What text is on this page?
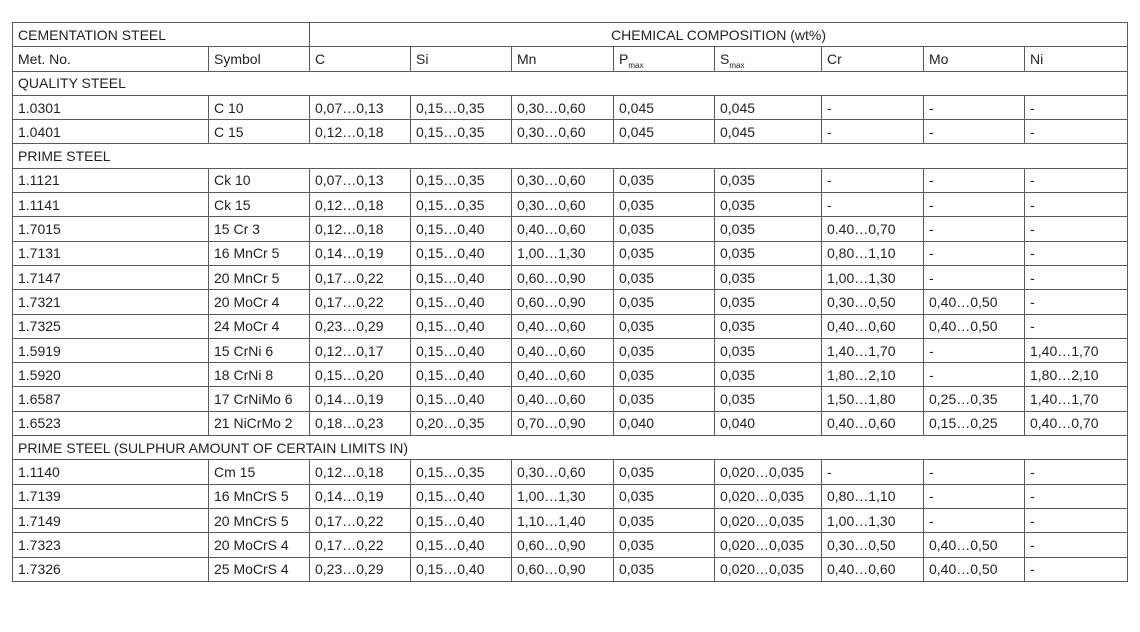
CEMENTATION STEEL		CHEMICAL COMPOSITION (wt%)							
Met. No.	Symbol	C	Si	Mn	$P_{max}$	$S_{max}$	Cr	Mo	Ni
QUALITY STEEL									
1.0301	C 10	0,07…0,13	0,15…0,35	0,30…0,60	0,045	0,045	-	-	-
1.0401	C 15	0,12…0,18	0,15…0,35	0,30…0,60	0,045	0,045	-	-	-
PRIME STEEL									
1.1121	Ck 10	0,07…0,13	0,15…0,35	0,30…0,60	0,035	0,035	-	-	-
1.1141	Ck 15	0,12…0,18	0,15…0,35	0,30…0,60	0,035	0,035	-	-	-
1.7015	15 Cr 3	0,12…0,18	0,15…0,40	0,40…0,60	0,035	0,035	0.40…0,70	-	-
1.7131	16 MnCr 5	0,14…0,19	0,15…0,40	1,00…1,30	0,035	0,035	0,80…1,10	-	-
1.7147	20 MnCr 5	0,17…0,22	0,15…0,40	0,60…0,90	0,035	0,035	1,00…1,30	-	-
1.7321	20 MoCr 4	0,17…0,22	0,15…0,40	0,60…0,90	0,035	0,035	0,30…0,50	0,40…0,50	-
1.7325	24 MoCr 4	0,23…0,29	0,15…0,40	0,40…0,60	0,035	0,035	0,40…0,60	0,40…0,50	-
1.5919	15 CrNi 6	0,12…0,17	0,15…0,40	0,40…0,60	0,035	0,035	1,40…1,70	-	1,40…1,70
1.5920	18 CrNi 8	0,15…0,20	0,15…0,40	0,40…0,60	0,035	0,035	1,80…2,10	-	1,80…2,10
1.6587	17 CrNiMo 6	0,14…0,19	0,15…0,40	0,40…0,60	0,035	0,035	1,50…1,80	0,25…0,35	1,40…1,70
1.6523	21 NiCrMo 2	0,18…0,23	0,20…0,35	0,70…0,90	0,040	0,040	0,40…0,60	0,15…0,25	0,40…0,70
PRIME STEEL (SULPHUR AMOUNT OF CERTAIN LIMITS IN)									
1.1140	Cm 15	0,12…0,18	0,15…0,35	0,30…0,60	0,035	0,020…0,035	-	-	-
1.7139	16 MnCrS 5	0,14…0,19	0,15…0,40	1,00…1,30	0,035	0,020…0,035	0,80…1,10	-	-
1.7149	20 MnCrS 5	0,17…0,22	0,15…0,40	1,10…1,40	0,035	0,020…0,035	1,00…1,30	-	-
1.7323	20 MoCrS 4	0,17…0,22	0,15…0,40	0,60…0,90	0,035	0,020…0,035	0,30…0,50	0,40…0,50	-
1.7326	25 MoCrS 4	0,23…0,29	0,15…0,40	0,60…0,90	0,035	0,020…0,035	0,40…0,60	0,40…0,50	-
